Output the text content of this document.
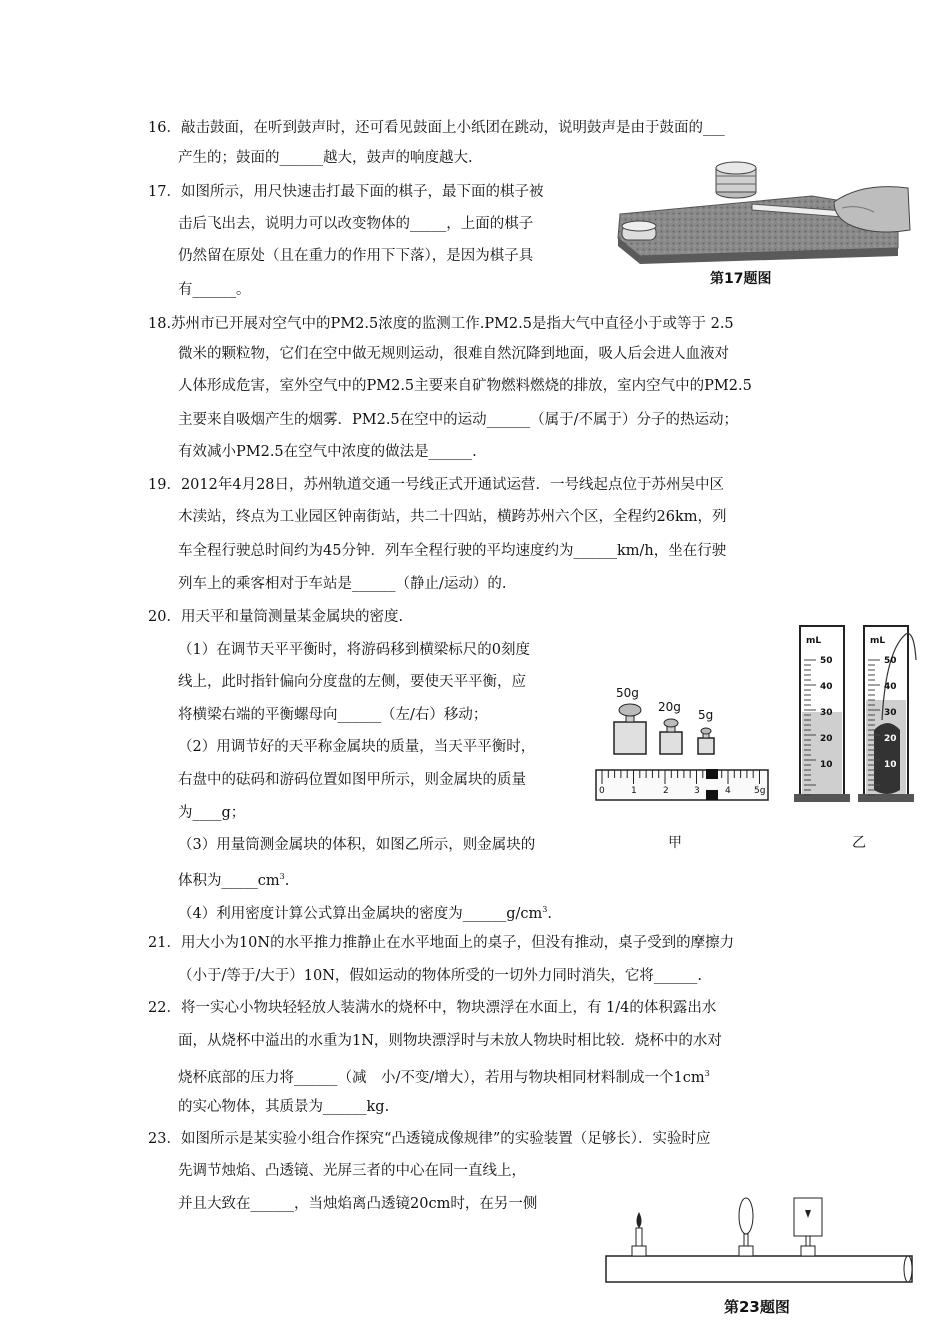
16．敲击鼓面，在听到鼓声时，还可看见鼓面上小纸团在跳动，说明鼓声是由于鼓面的___
产生的；鼓面的______越大，鼓声的响度越大.
17．如图所示，用尺快速击打最下面的棋子，最下面的棋子被
击后飞出去，说明力可以改变物体的_____，上面的棋子
仍然留在原处（且在重力的作用下下落），是因为棋子具
有______。
第17题图
18.苏州市已开展对空气中的PM2.5浓度的监测工作.PM2.5是指大气中直径小于或等于 2.5
微米的颗粒物，它们在空中做无规则运动，很难自然沉降到地面，吸人后会进人血液对
人体形成危害，室外空气中的PM2.5主要来自矿物燃料燃烧的排放，室内空气中的PM2.5
主要来自吸烟产生的烟雾．PM2.5在空中的运动______（属于/不属于）分子的热运动；
有效减小PM2.5在空气中浓度的做法是______.
19．2012年4月28日，苏州轨道交通一号线正式开通试运营．一号线起点位于苏州吴中区
木渎站，终点为工业园区钟南街站，共二十四站，横跨苏州六个区，全程约26km，列
车全程行驶总时间约为45分钟．列车全程行驶的平均速度约为______km/h，坐在行驶
列车上的乘客相对于车站是______（静止/运动）的.
20．用天平和量筒测量某金属块的密度.
（1）在调节天平平衡时，将游码移到横梁标尺的0刻度
线上，此时指针偏向分度盘的左侧，要使天平平衡，应
将横梁右端的平衡螺母向______（左/右）移动；
（2）用调节好的天平称金属块的质量，当天平平衡时，
右盘中的砝码和游码位置如图甲所示，则金属块的质量
为____g；
（3）用量筒测金属块的体积，如图乙所示，则金属块的
体积为$\_\_\_\_\_cm^3$.
（4）利用密度计算公式算出金属块的密度为$\_\_\_\_\_\_g/cm^3$.
50g
20g
5g
0	1	2	3	4	5g
甲
mL
50
40
30
20
10
mL
50
40
30
20
10
乙
21．用大小为10N的水平推力推静止在水平地面上的桌子，但没有推动，桌子受到的摩擦力
（小于/等于/大于）10N，假如运动的物体所受的一切外力同时消失，它将______.
22．将一实心小物块轻轻放人装满水的烧杯中，物块漂浮在水面上，有 1/4的体积露出水
面，从烧杯中溢出的水重为1N，则物块漂浮时与未放人物块时相比较．烧杯中的水对
烧杯底部的压力将______（减　小/不变/增大），若用与物块相同材料制成一个$1cm^3$
的实心物体，其质景为______kg.
23．如图所示是某实验小组合作探究“凸透镜成像规律”的实验装置（足够长）．实验时应
先调节烛焰、凸透镜、光屏三者的中心在同一直线上，
并且大致在______，当烛焰离凸透镜20cm时，在另一侧
第23题图
